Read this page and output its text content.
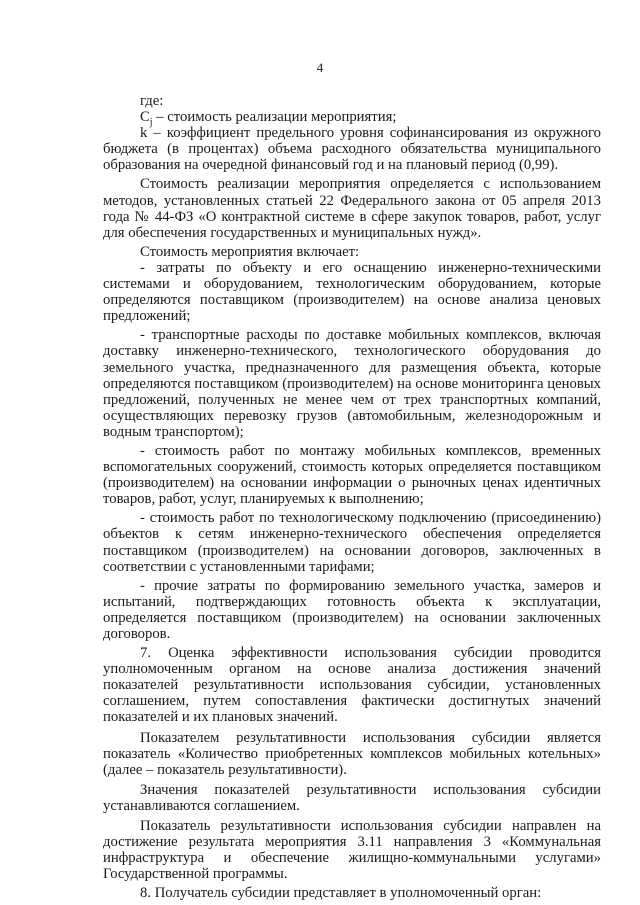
4

где:

$C_j$ – стоимость реализации мероприятия;

k – коэффициент предельного уровня софинансирования из окружного бюджета (в процентах) объема расходного обязательства муниципального образования на очередной финансовый год и на плановый период (0,99).

Стоимость реализации мероприятия определяется с использованием методов, установленных статьей 22 Федерального закона от 05 апреля 2013 года № 44-ФЗ «О контрактной системе в сфере закупок товаров, работ, услуг для обеспечения государственных и муниципальных нужд».

Стоимость мероприятия включает:

- затраты по объекту и его оснащению инженерно-техническими системами и оборудованием, технологическим оборудованием, которые определяются поставщиком (производителем) на основе анализа ценовых предложений;

- транспортные расходы по доставке мобильных комплексов, включая доставку инженерно-технического, технологического оборудования до земельного участка, предназначенного для размещения объекта, которые определяются поставщиком (производителем) на основе мониторинга ценовых предложений, полученных не менее чем от трех транспортных компаний, осуществляющих перевозку грузов (автомобильным, железнодорожным и водным транспортом);

- стоимость работ по монтажу мобильных комплексов, временных вспомогательных сооружений, стоимость которых определяется поставщиком (производителем) на основании информации о рыночных ценах идентичных товаров, работ, услуг, планируемых к выполнению;

- стоимость работ по технологическому подключению (присоединению) объектов к сетям инженерно-технического обеспечения определяется поставщиком (производителем) на основании договоров, заключенных в соответствии с установленными тарифами;

- прочие затраты по формированию земельного участка, замеров и испытаний, подтверждающих готовность объекта к эксплуатации, определяется поставщиком (производителем) на основании заключенных договоров.

7. Оценка эффективности использования субсидии проводится уполномоченным органом на основе анализа достижения значений показателей результативности использования субсидии, установленных соглашением, путем сопоставления фактически достигнутых значений показателей и их плановых значений.

Показателем результативности использования субсидии является показатель «Количество приобретенных комплексов мобильных котельных» (далее – показатель результативности).

Значения показателей результативности использования субсидии устанавливаются соглашением.

Показатель результативности использования субсидии направлен на достижение результата мероприятия 3.11 направления 3 «Коммунальная инфраструктура и обеспечение жилищно-коммунальными услугами» Государственной программы.

8. Получатель субсидии представляет в уполномоченный орган:
